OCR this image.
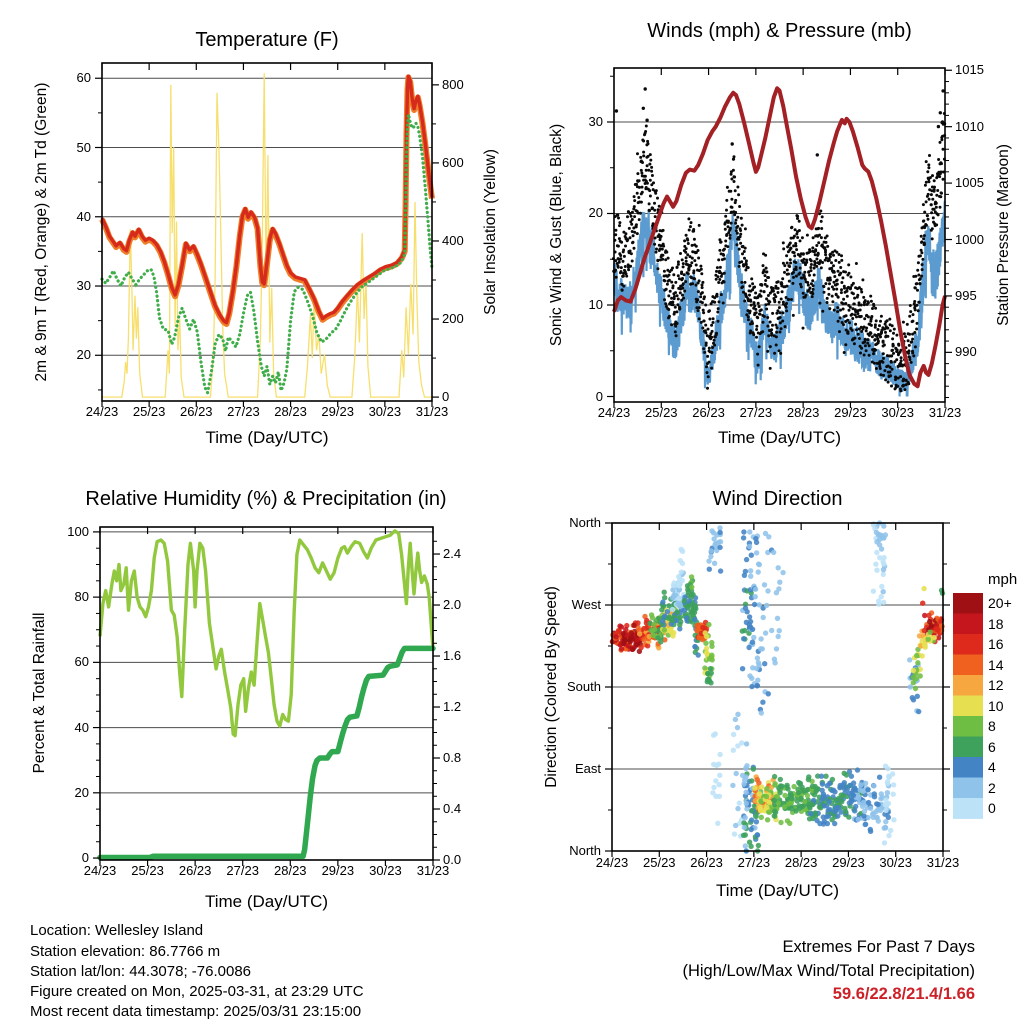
Temperature (F)	Winds (mph) & Pressure (mb)
Relative Humidity (%) & Precipitation (in)	Wind Direction
2m & 9m T (Red, Orange) & 2m Td (Green)	Solar Insolation (Yellow)	Sonic Wind & Gust (Blue, Black)	Station Pressure (Maroon)
Percent & Total Rainfall	Direction (Colored By Speed)
Time (Day/UTC)	Time (Day/UTC)
Time (Day/UTC)
Time (Day/UTC)
mph
Location: Wellesley Island
Station elevation: 86.7766 m
Station lat/lon: 44.3078; -76.0086
Figure created on Mon, 2025-03-31, at 23:29 UTC
Most recent data timestamp: 2025/03/31 23:15:00
Extremes For Past 7 Days
(High/Low/Max Wind/Total Precipitation)
59.6/22.8/21.4/1.66
24/23	25/23	26/23	27/23	28/23	29/23	30/23	31/23
20
30
40
50
60
0
200
400
600
800
24/23	25/23	26/23	27/23	28/23	29/23	30/23	31/23
0
10
20
30
990
995
1000
1005
1010
1015
24/23	25/23	26/23	27/23	28/23	29/23	30/23	31/23
0
20
40
60
80
100
0.0
0.4
0.8
1.2
1.6
2.0
2.4
20+
18
16
14
12
10
8
6
4
2
0
24/23	25/23	26/23	27/23	28/23	29/23	30/23	31/23
North
West
South
East
North
